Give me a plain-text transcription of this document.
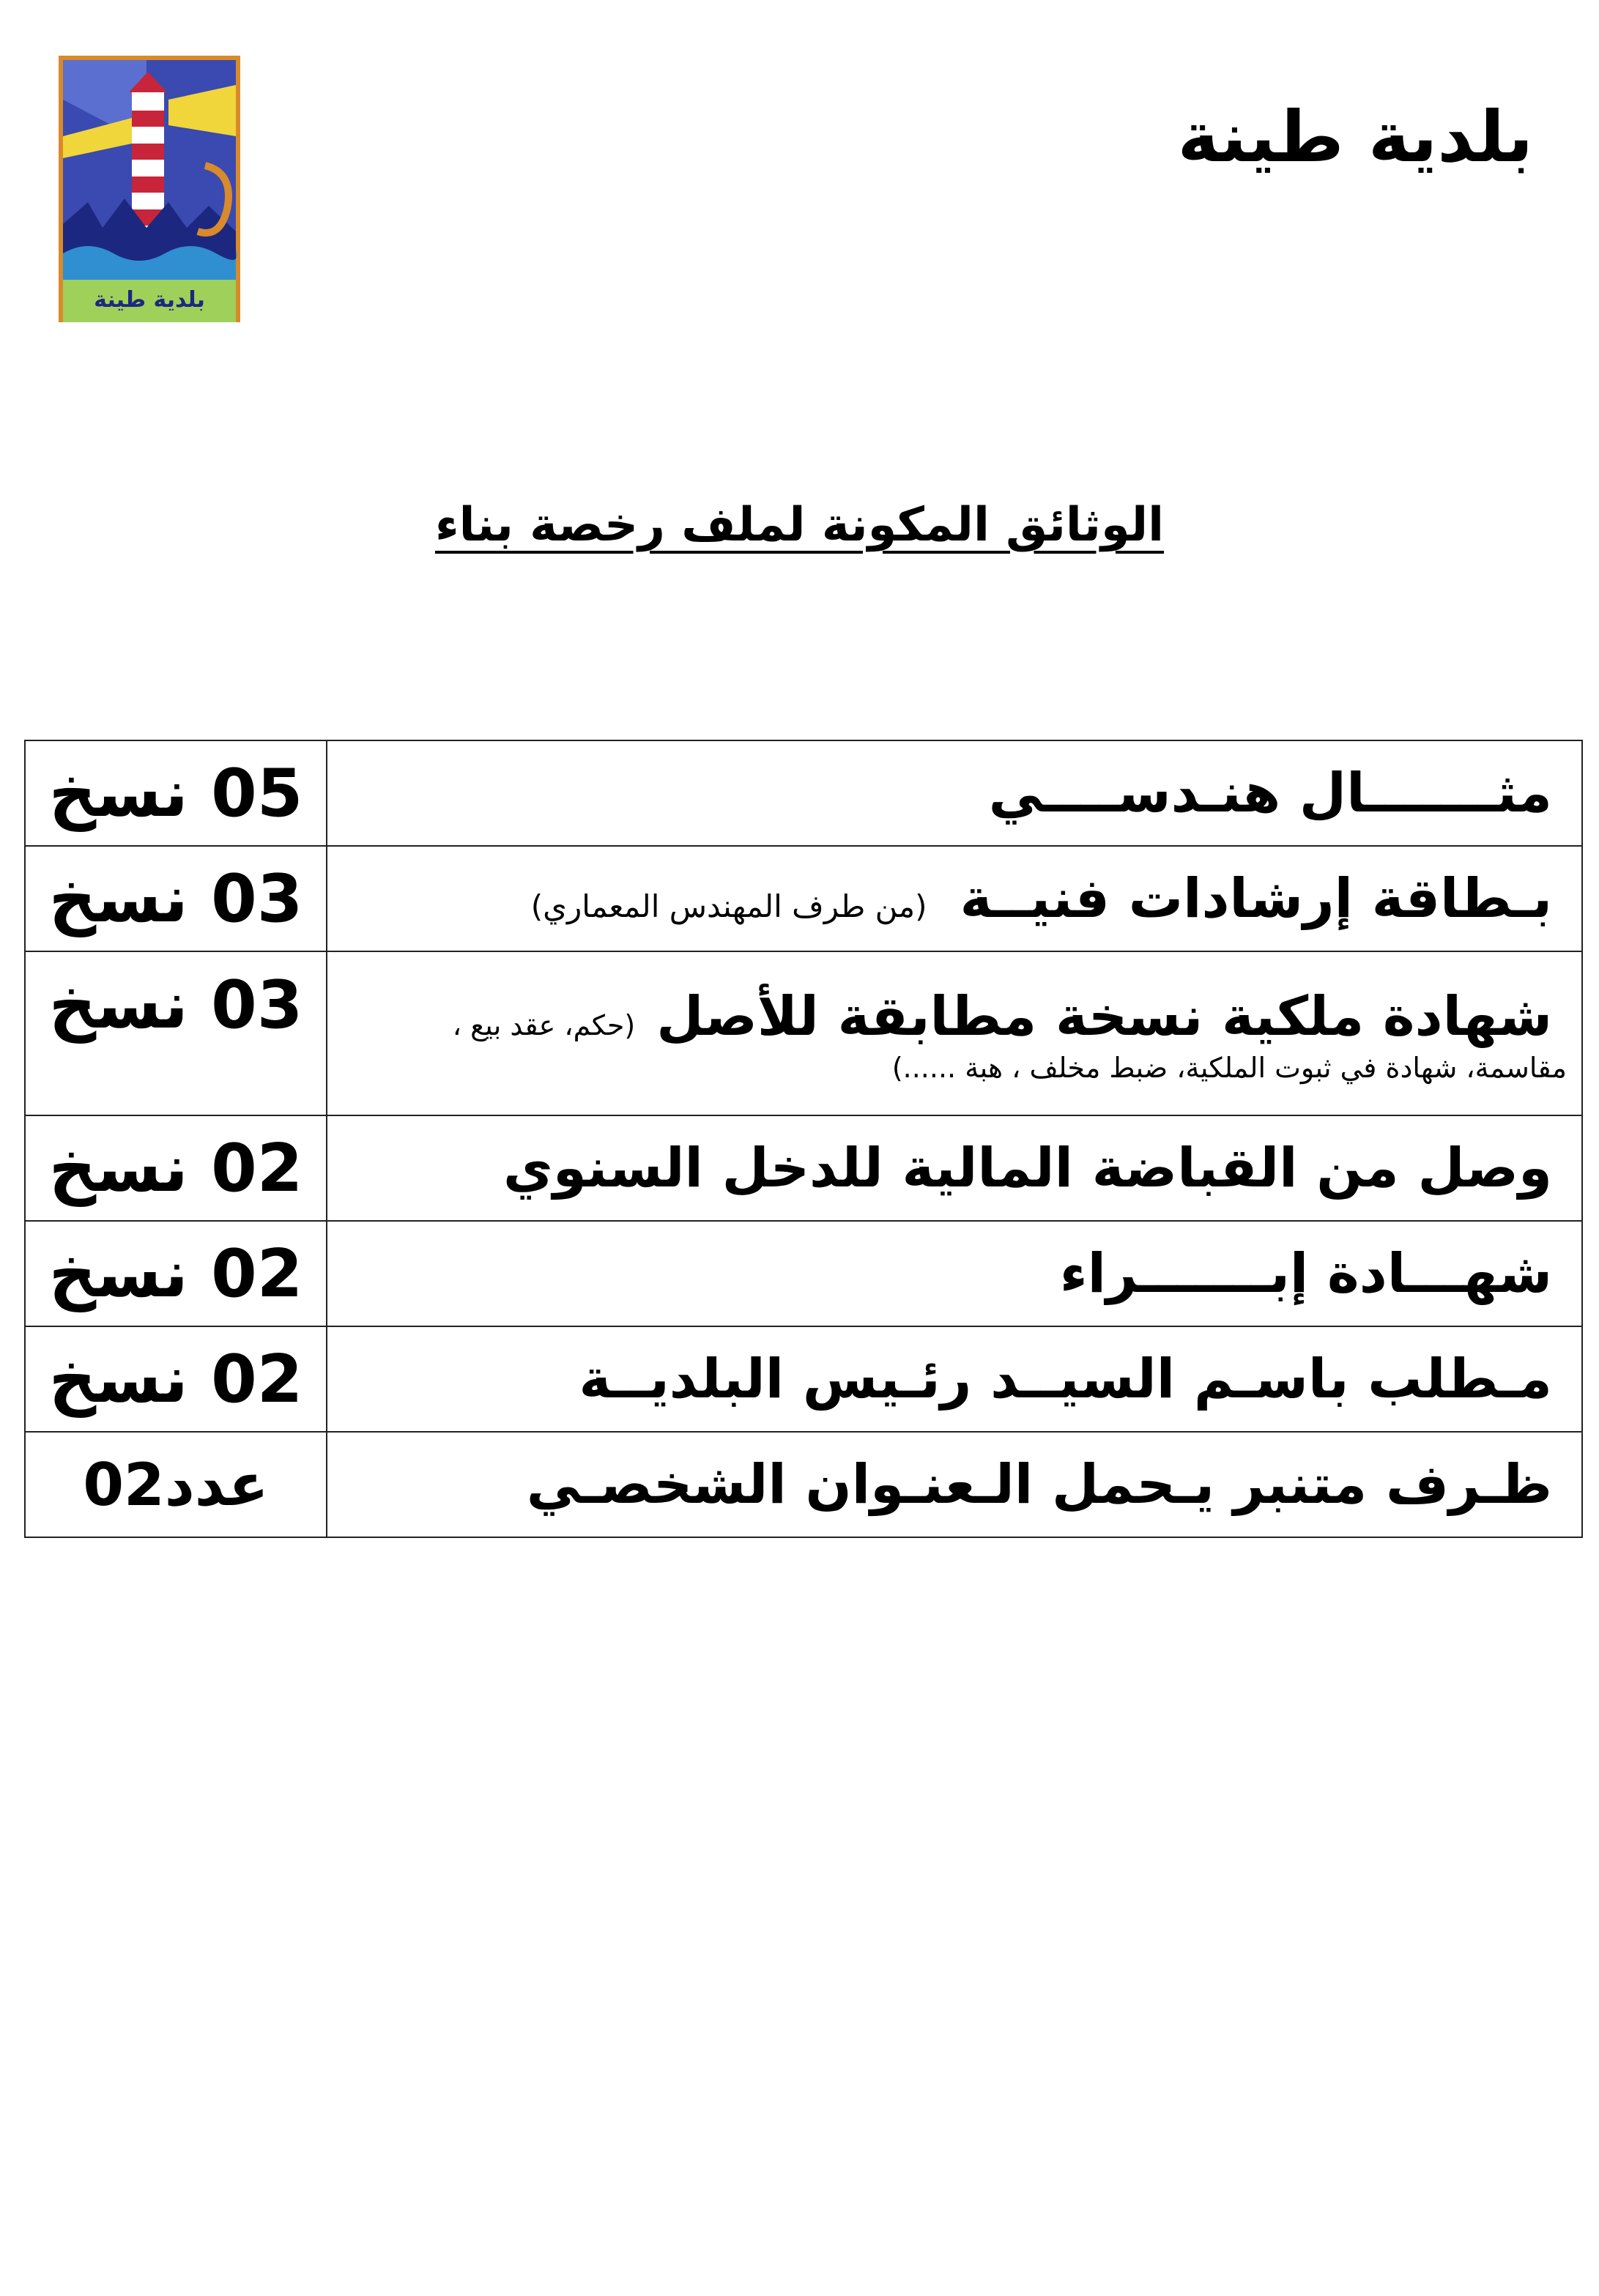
بلدية طينة
بلدية طينة
الوثائق المكونة لملف رخصة بناء
05 نسخ	مثـــــــال هنـدســــي
03 نسخ	بـطاقة إرشادات فنيــة (من طرف المهندس المعماري)
03 نسخ	شهادة ملكية نسخة مطابقة للأصل (حكم، عقد بيع ،
مقاسمة، شهادة في ثبوت الملكية، ضبط مخلف ، هبة ......)

02 نسخ	وصل من القباضة المالية للدخل السنوي
02 نسخ	شهـــادة إبـــــــراء
02 نسخ	مـطلب باسـم السيــد رئـيس البلديــة
عدد02	ظـرف متنبر يـحمل الـعنـوان الشخصـي
